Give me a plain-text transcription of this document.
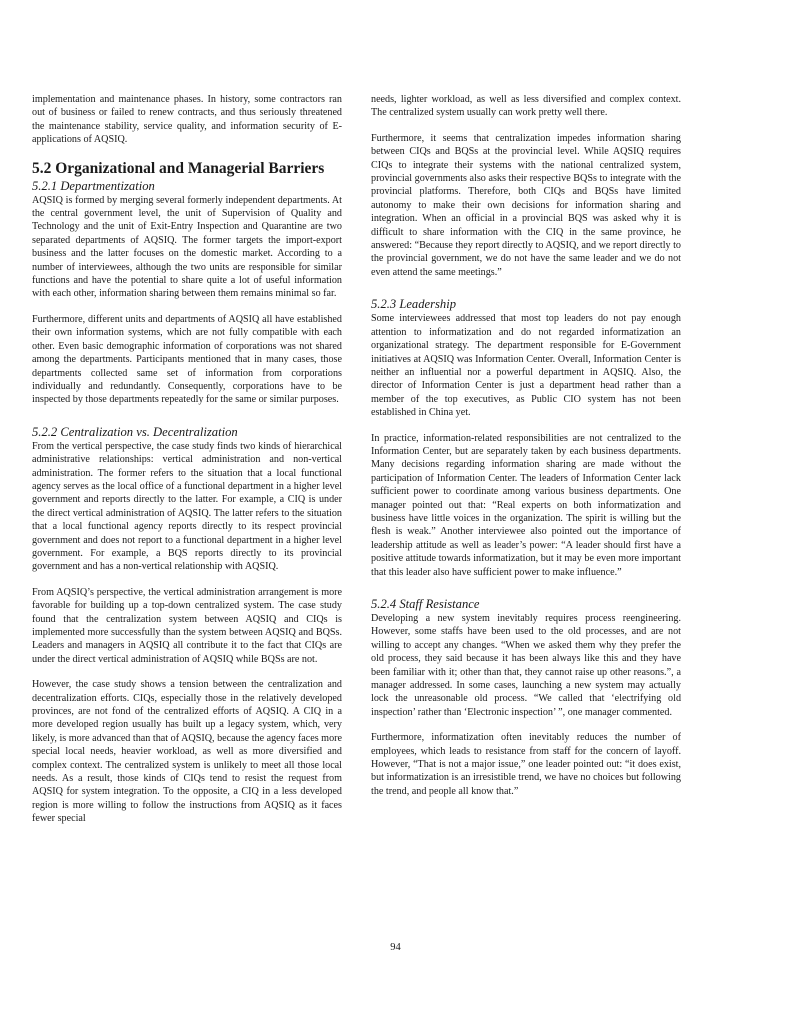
implementation and maintenance phases. In history, some contractors ran out of business or failed to renew contracts, and thus seriously threatened the maintenance stability, service quality, and information security of E-applications of AQSIQ.

5.2 Organizational and Managerial Barriers
5.2.1 Departmentization

AQSIQ is formed by merging several formerly independent departments. At the central government level, the unit of Supervision of Quality and Technology and the unit of Exit-Entry Inspection and Quarantine are two separated departments of AQSIQ. The former targets the import-export business and the latter focuses on the domestic market. According to a number of interviewees, although the two units are responsible for similar functions and have the potential to share quite a lot of useful information with each other, information sharing between them remains minimal so far.

Furthermore, different units and departments of AQSIQ all have established their own information systems, which are not fully compatible with each other. Even basic demographic information of corporations was not shared among the departments. Participants mentioned that in many cases, those departments collected same set of information from corporations individually and redundantly. Consequently, corporations have to be inspected by those departments repeatedly for the same or similar purposes.

5.2.2 Centralization vs. Decentralization

From the vertical perspective, the case study finds two kinds of hierarchical administrative relationships: vertical administration and non-vertical administration. The former refers to the situation that a local functional agency serves as the local office of a functional department in a higher level government and reports directly to the latter. For example, a CIQ is under the direct vertical administration of AQSIQ. The latter refers to the situation that a local functional agency reports directly to its respect provincial government and does not report to a functional department in a higher level government. For example, a BQS reports directly to its provincial government and has a non-vertical relationship with AQSIQ.

From AQSIQ’s perspective, the vertical administration arrangement is more favorable for building up a top-down centralized system. The case study found that the centralization system between AQSIQ and CIQs is implemented more successfully than the system between AQSIQ and BQSs. Leaders and managers in AQSIQ all contribute it to the fact that CIQs are under the direct vertical administration of AQSIQ while BQSs are not.

However, the case study shows a tension between the centralization and decentralization efforts. CIQs, especially those in the relatively developed provinces, are not fond of the centralized efforts of AQSIQ. A CIQ in a more developed region usually has built up a legacy system, which, very likely, is more advanced than that of AQSIQ, because the agency faces more special local needs, heavier workload, as well as more diversified and complex context. The centralized system is unlikely to meet all those local needs. As a result, those kinds of CIQs tend to resist the request from AQSIQ for system integration. To the opposite, a CIQ in a less developed region is more willing to follow the instructions from AQSIQ as it faces fewer special

needs, lighter workload, as well as less diversified and complex context. The centralized system usually can work pretty well there.

Furthermore, it seems that centralization impedes information sharing between CIQs and BQSs at the provincial level. While AQSIQ requires CIQs to integrate their systems with the national centralized system, provincial governments also asks their respective BQSs to integrate with the provincial platforms. Therefore, both CIQs and BQSs have limited autonomy to make their own decisions for information sharing and integration. When an official in a provincial BQS was asked why it is difficult to share information with the CIQ in the same province, he answered: “Because they report directly to AQSIQ, and we report directly to the provincial government, we do not have the same leader and we do not even attend the same meetings.”

5.2.3 Leadership

Some interviewees addressed that most top leaders do not pay enough attention to informatization and do not regarded informatization an organizational strategy. The department responsible for E-Government initiatives at AQSIQ was Information Center. Overall, Information Center is neither an influential nor a powerful department in AQSIQ. Also, the director of Information Center is just a department head rather than a member of the top executives, as Public CIO system has not been established in China yet.

In practice, information-related responsibilities are not centralized to the Information Center, but are separately taken by each business departments. Many decisions regarding information sharing are made without the participation of Information Center. The leaders of Information Center lack sufficient power to coordinate among various business departments. One manager pointed out that: “Real experts on both informatization and business have little voices in the organization. The spirit is willing but the flesh is weak.” Another interviewee also pointed out the importance of leadership attitude as well as leader’s power: “A leader should first have a positive attitude towards informatization, but it may be even more important that this leader also have sufficient power to make influence.”

5.2.4 Staff Resistance

Developing a new system inevitably requires process reengineering. However, some staffs have been used to the old processes, and are not willing to accept any changes. “When we asked them why they prefer the old process, they said because it has been always like this and they have been familiar with it; other than that, they cannot raise up other reasons.”, a manager addressed. In some cases, launching a new system may actually lock the unreasonable old process. “We called that ‘electrifying old inspection’ rather than ‘Electronic inspection’ ”, one manager commented.

Furthermore, informatization often inevitably reduces the number of employees, which leads to resistance from staff for the concern of layoff. However, “That is not a major issue,” one leader pointed out: “it does exist, but informatization is an irresistible trend, we have no choices but following the trend, and people all know that.”

94
